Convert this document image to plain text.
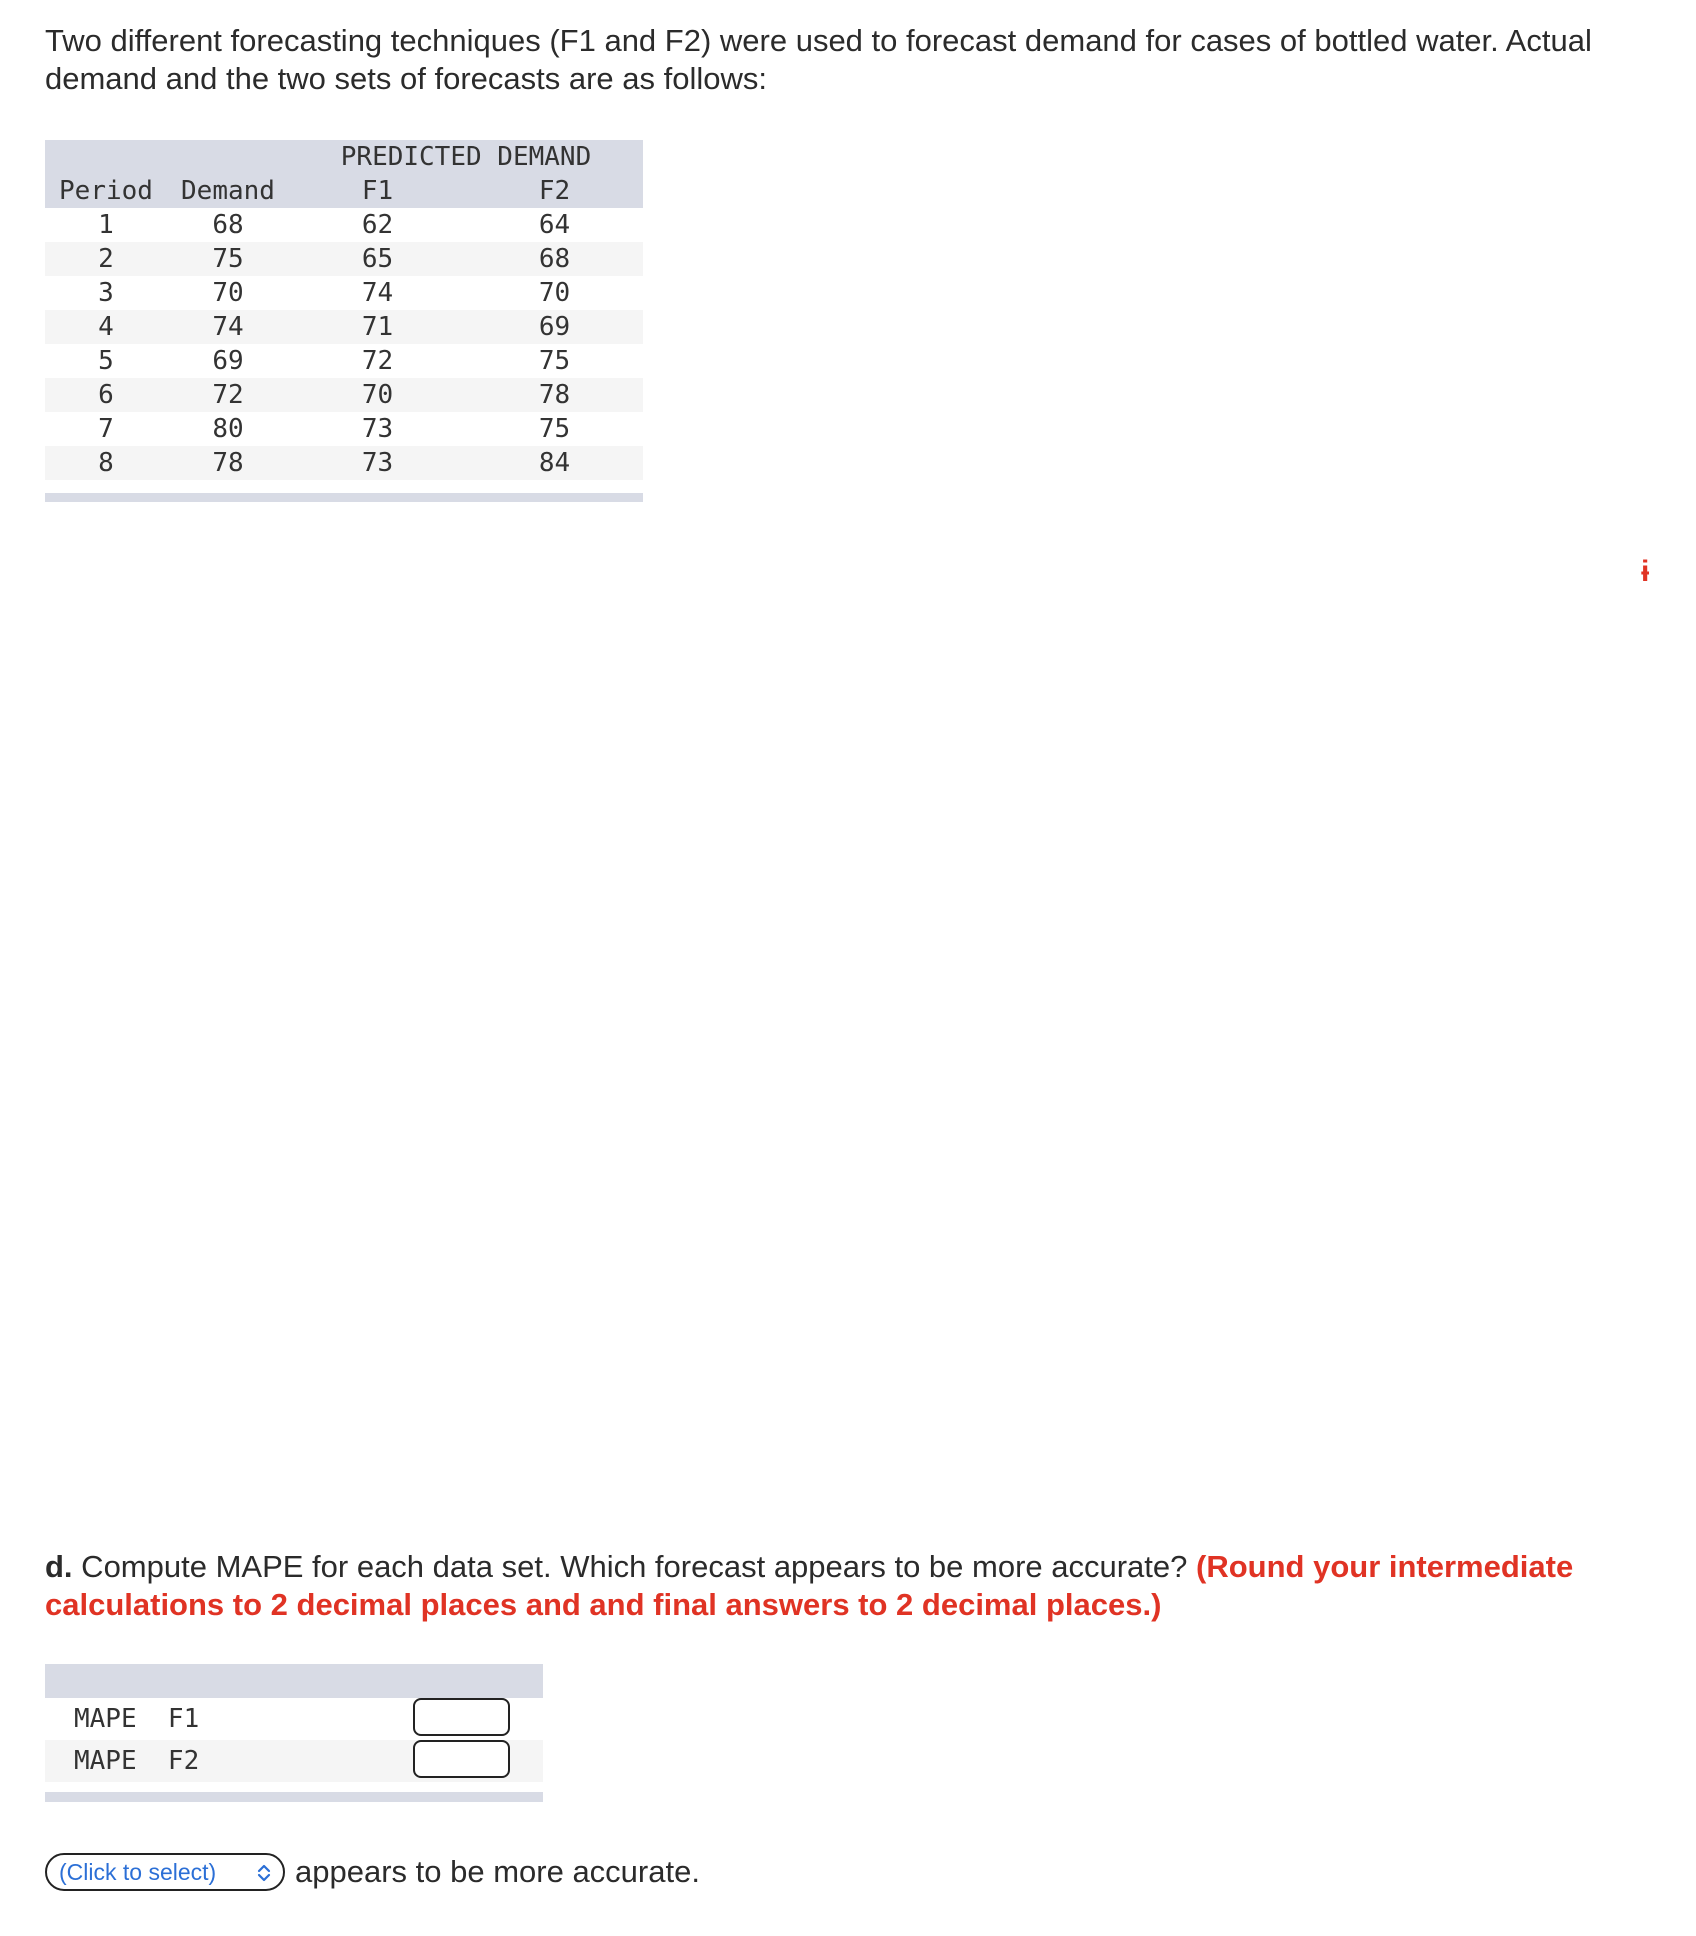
Two different forecasting techniques (F1 and F2) were used to forecast demand for cases of bottled water. Actual demand and the two sets of forecasts are as follows:
		PREDICTED DEMAND	
Period	Demand	F1	F2
1	68	62	64
2	75	65	68
3	70	74	70
4	74	71	69
5	69	72	75
6	72	70	78
7	80	73	75
8	78	73	84
ɨ
d. Compute MAPE for each data set. Which forecast appears to be more accurate? (Round your intermediate calculations to 2 decimal places and and final answers to 2 decimal places.)
MAPE  F1
MAPE  F2
(Click to select)	appears to be more accurate.
